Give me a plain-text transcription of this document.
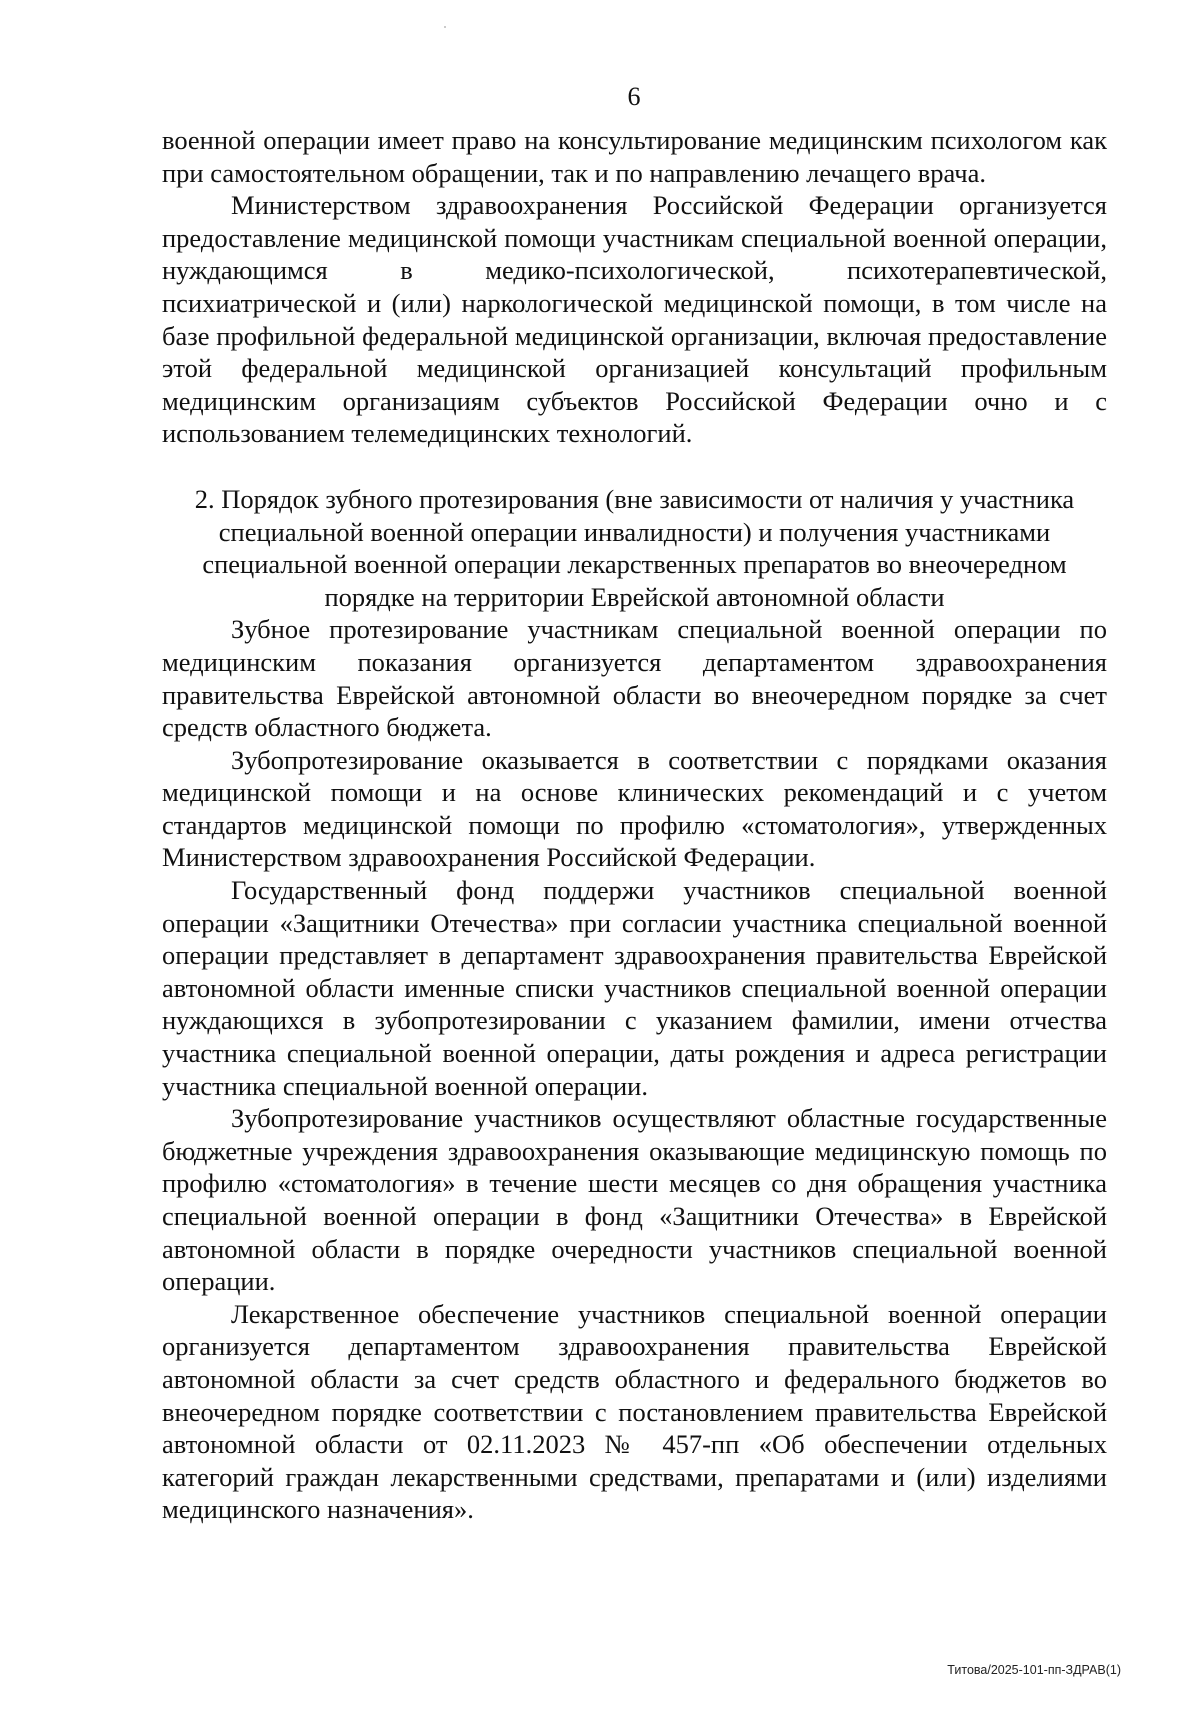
6

военной операции имеет право на консультирование медицинским психологом как при самостоятельном обращении, так и по направлению лечащего врача.

Министерством здравоохранения Российской Федерации организуется предоставление медицинской помощи участникам специальной военной операции, нуждающимся в медико-психологической, психотерапевтической, психиатрической и (или) наркологической медицинской помощи, в том числе на базе профильной федеральной медицинской организации, включая предоставление этой федеральной медицинской организацией консультаций профильным медицинским организациям субъектов Российской Федерации очно и с использованием телемедицинских технологий.

2. Порядок зубного протезирования (вне зависимости от наличия у участника специальной военной операции инвалидности) и получения участниками специальной военной операции лекарственных препаратов во внеочередном порядке на территории Еврейской автономной области

Зубное протезирование участникам специальной военной операции по медицинским показания организуется департаментом здравоохранения правительства Еврейской автономной области во внеочередном порядке за счет средств областного бюджета.

Зубопротезирование оказывается в соответствии с порядками оказания медицинской помощи и на основе клинических рекомендаций и с учетом стандартов медицинской помощи по профилю «стоматология», утвержденных Министерством здравоохранения Российской Федерации.

Государственный фонд поддержи участников специальной военной операции «Защитники Отечества» при согласии участника специальной военной операции представляет в департамент здравоохранения правительства Еврейской автономной области именные списки участников специальной военной операции нуждающихся в зубопротезировании с указанием фамилии, имени отчества участника специальной военной операции, даты рождения и адреса регистрации участника специальной военной операции.

Зубопротезирование участников осуществляют областные государственные бюджетные учреждения здравоохранения оказывающие медицинскую помощь по профилю «стоматология» в течение шести месяцев со дня обращения участника специальной военной операции в фонд «Защитники Отечества» в Еврейской автономной области в порядке очередности участников специальной военной операции.

Лекарственное обеспечение участников специальной военной операции организуется департаментом здравоохранения правительства Еврейской автономной области за счет средств областного и федерального бюджетов во внеочередном порядке соответствии с постановлением правительства Еврейской автономной области от 02.11.2023 № 457-пп «Об обеспечении отдельных категорий граждан лекарственными средствами, препаратами и (или) изделиями медицинского назначения».

Титова/2025-101-пп-ЗДРАВ(1)
